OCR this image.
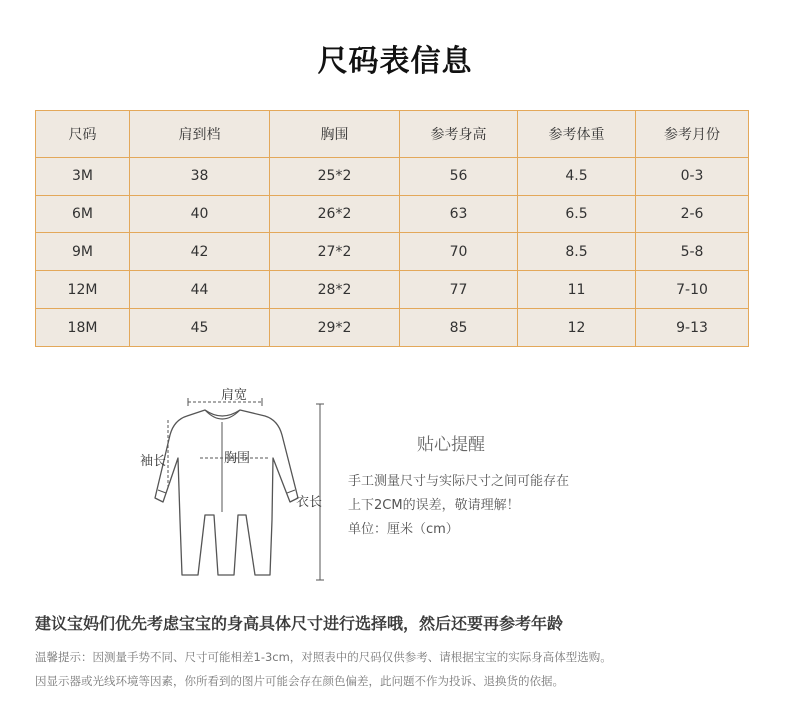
尺码表信息
尺码	肩到档	胸围	参考身高	参考体重	参考月份
3M	38	25*2	56	4.5	0-3
6M	40	26*2	63	6.5	2-6
9M	42	27*2	70	8.5	5-8
12M	44	28*2	77	11	7-10
18M	45	29*2	85	12	9-13
肩宽
袖长	胸围
衣长
贴心提醒
手工测量尺寸与实际尺寸之间可能存在
上下2CM的误差，敬请理解！
单位：厘米（cm）
建议宝妈们优先考虑宝宝的身高具体尺寸进行选择哦，然后还要再参考年龄
温馨提示：因测量手势不同、尺寸可能相差1-3cm，对照表中的尺码仅供参考、请根据宝宝的实际身高体型选购。
因显示器或光线环境等因素，你所看到的图片可能会存在颜色偏差，此问题不作为投诉、退换货的依据。
